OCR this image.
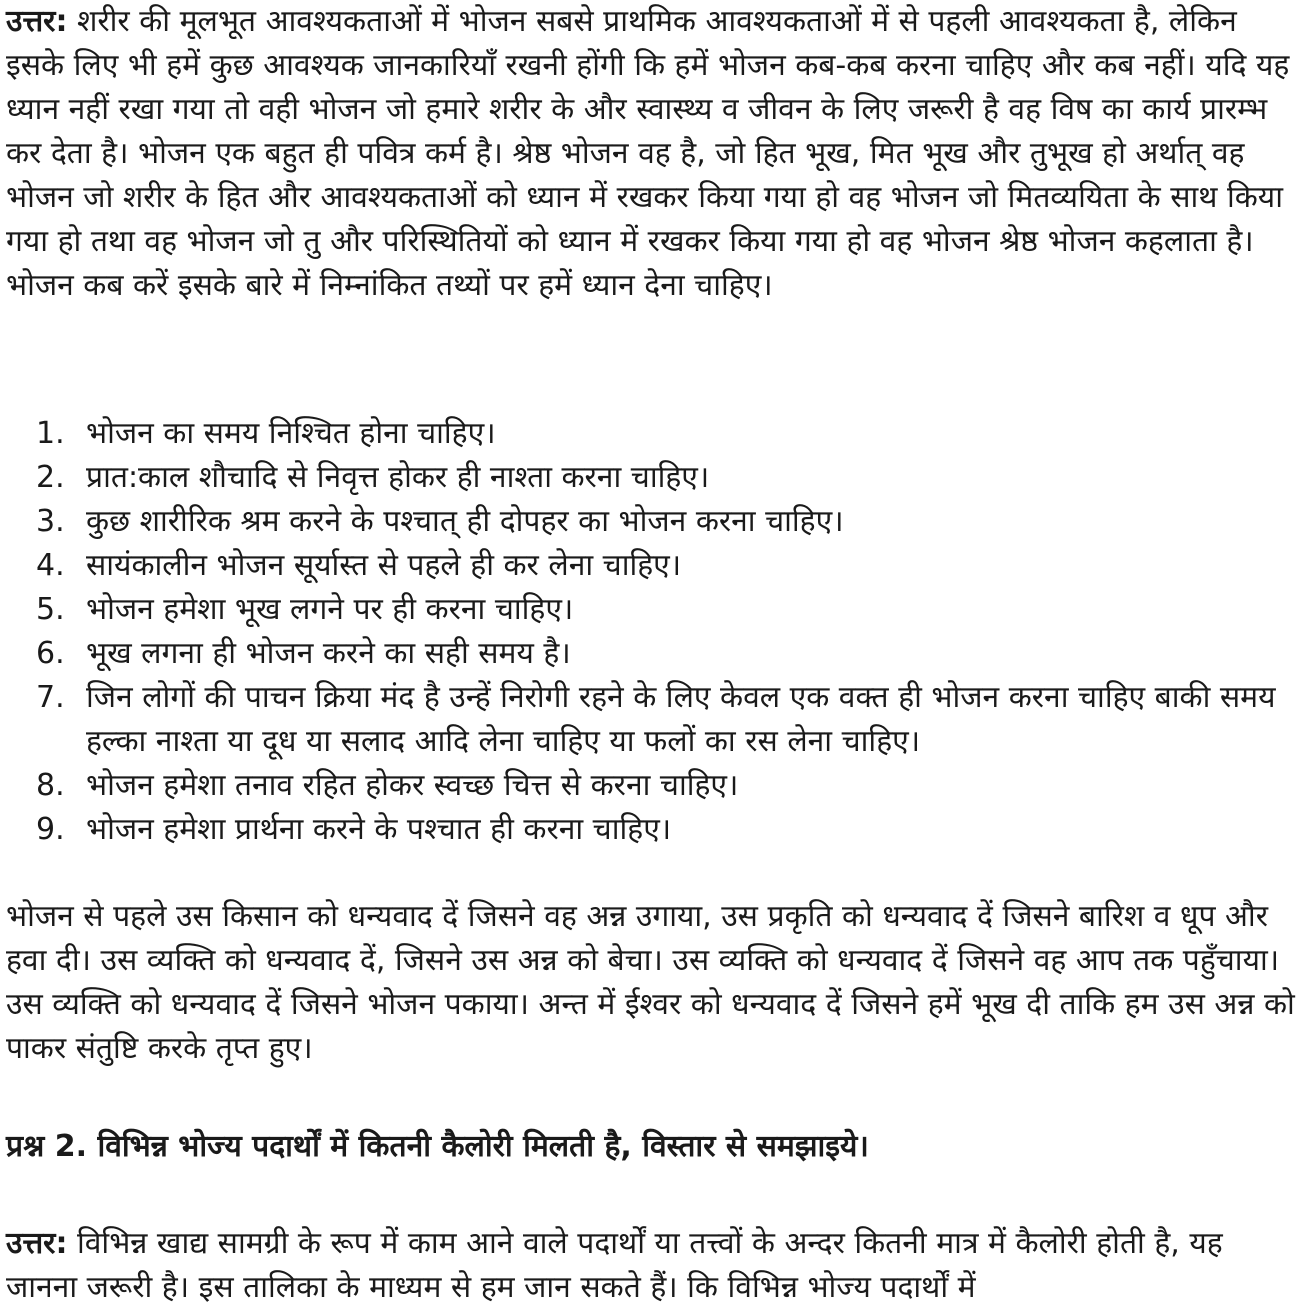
उत्तर: शरीर की मूलभूत आवश्यकताओं में भोजन सबसे प्राथमिक आवश्यकताओं में से पहली आवश्यकता है, लेकिन इसके लिए भी हमें कुछ आवश्यक जानकारियाँ रखनी होंगी कि हमें भोजन कब-कब करना चाहिए और कब नहीं। यदि यह ध्यान नहीं रखा गया तो वही भोजन जो हमारे शरीर के और स्वास्थ्य व जीवन के लिए जरूरी है वह विष का कार्य प्रारम्भ कर देता है। भोजन एक बहुत ही पवित्र कर्म है। श्रेष्ठ भोजन वह है, जो हित भूख, मित भूख और तुभूख हो अर्थात् वह भोजन जो शरीर के हित और आवश्यकताओं को ध्यान में रखकर किया गया हो वह भोजन जो मितव्ययिता के साथ किया गया हो तथा वह भोजन जो तु और परिस्थितियों को ध्यान में रखकर किया गया हो वह भोजन श्रेष्ठ भोजन कहलाता है। भोजन कब करें इसके बारे में निम्नांकित तथ्यों पर हमें ध्यान देना चाहिए।

1. भोजन का समय निश्चित होना चाहिए।
2. प्रात:काल शौचादि से निवृत्त होकर ही नाश्ता करना चाहिए।
3. कुछ शारीरिक श्रम करने के पश्चात् ही दोपहर का भोजन करना चाहिए।
4. सायंकालीन भोजन सूर्यास्त से पहले ही कर लेना चाहिए।
5. भोजन हमेशा भूख लगने पर ही करना चाहिए।
6. भूख लगना ही भोजन करने का सही समय है।
7. जिन लोगों की पाचन क्रिया मंद है उन्हें निरोगी रहने के लिए केवल एक वक्त ही भोजन करना चाहिए बाकी समय हल्का नाश्ता या दूध या सलाद आदि लेना चाहिए या फलों का रस लेना चाहिए।
8. भोजन हमेशा तनाव रहित होकर स्वच्छ चित्त से करना चाहिए।
9. भोजन हमेशा प्रार्थना करने के पश्चात ही करना चाहिए।

भोजन से पहले उस किसान को धन्यवाद दें जिसने वह अन्न उगाया, उस प्रकृति को धन्यवाद दें जिसने बारिश व धूप और हवा दी। उस व्यक्ति को धन्यवाद दें, जिसने उस अन्न को बेचा। उस व्यक्ति को धन्यवाद दें जिसने वह आप तक पहुँचाया। उस व्यक्ति को धन्यवाद दें जिसने भोजन पकाया। अन्त में ईश्वर को धन्यवाद दें जिसने हमें भूख दी ताकि हम उस अन्न को पाकर संतुष्टि करके तृप्त हुए।

प्रश्न 2. विभिन्न भोज्य पदार्थों में कितनी कैलोरी मिलती है, विस्तार से समझाइये।

उत्तर: विभिन्न खाद्य सामग्री के रूप में काम आने वाले पदार्थों या तत्त्वों के अन्दर कितनी मात्र में कैलोरी होती है, यह जानना जरूरी है। इस तालिका के माध्यम से हम जान सकते हैं। कि विभिन्न भोज्य पदार्थों में
